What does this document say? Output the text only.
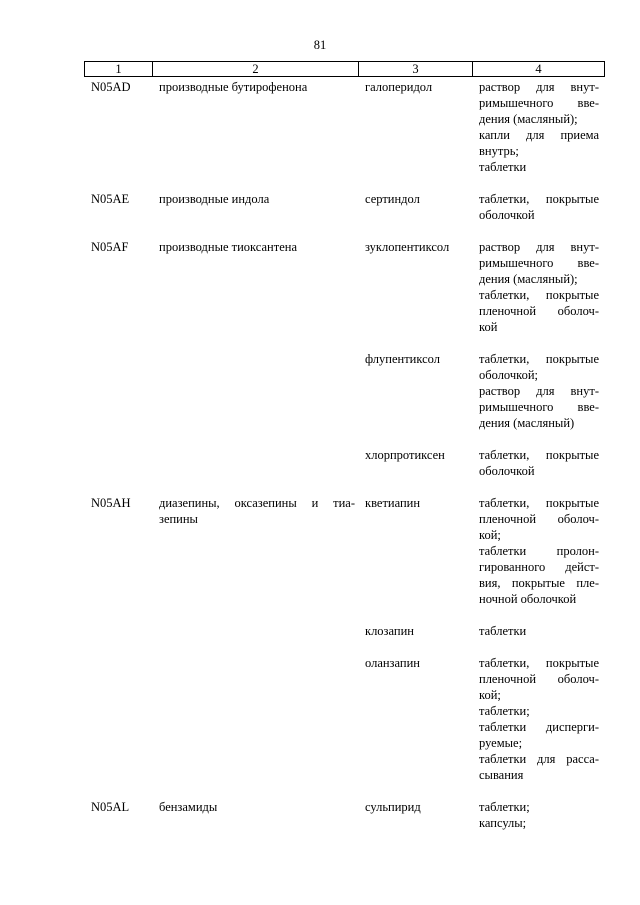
81
1	2	3	4
N05AD	производные бутирофенона	галоперидол	раствор для внут-
римышечного вве-
дения (масляный);
капли для приема
внутрь;
таблетки
N05AE	производные индола	сертиндол	таблетки, покрытые
оболочкой
N05AF	производные тиоксантена	зуклопентиксол	раствор для внут-
римышечного вве-
дения (масляный);
таблетки, покрытые
пленочной оболоч-
кой
флупентиксол	таблетки, покрытые
оболочкой;
раствор для внут-
римышечного вве-
дения (масляный)
хлорпротиксен	таблетки, покрытые
оболочкой
N05AH	диазепины, оксазепины и тиа-
зепины
кветиапин	таблетки, покрытые
пленочной оболоч-
кой;
таблетки пролон-
гированного дейст-
вия, покрытые пле-
ночной оболочкой
клозапин	таблетки
оланзапин	таблетки, покрытые
пленочной оболоч-
кой;
таблетки;
таблетки дисперги-
руемые;
таблетки для расса-
сывания
N05AL	бензамиды	сульпирид	таблетки;
капсулы;
